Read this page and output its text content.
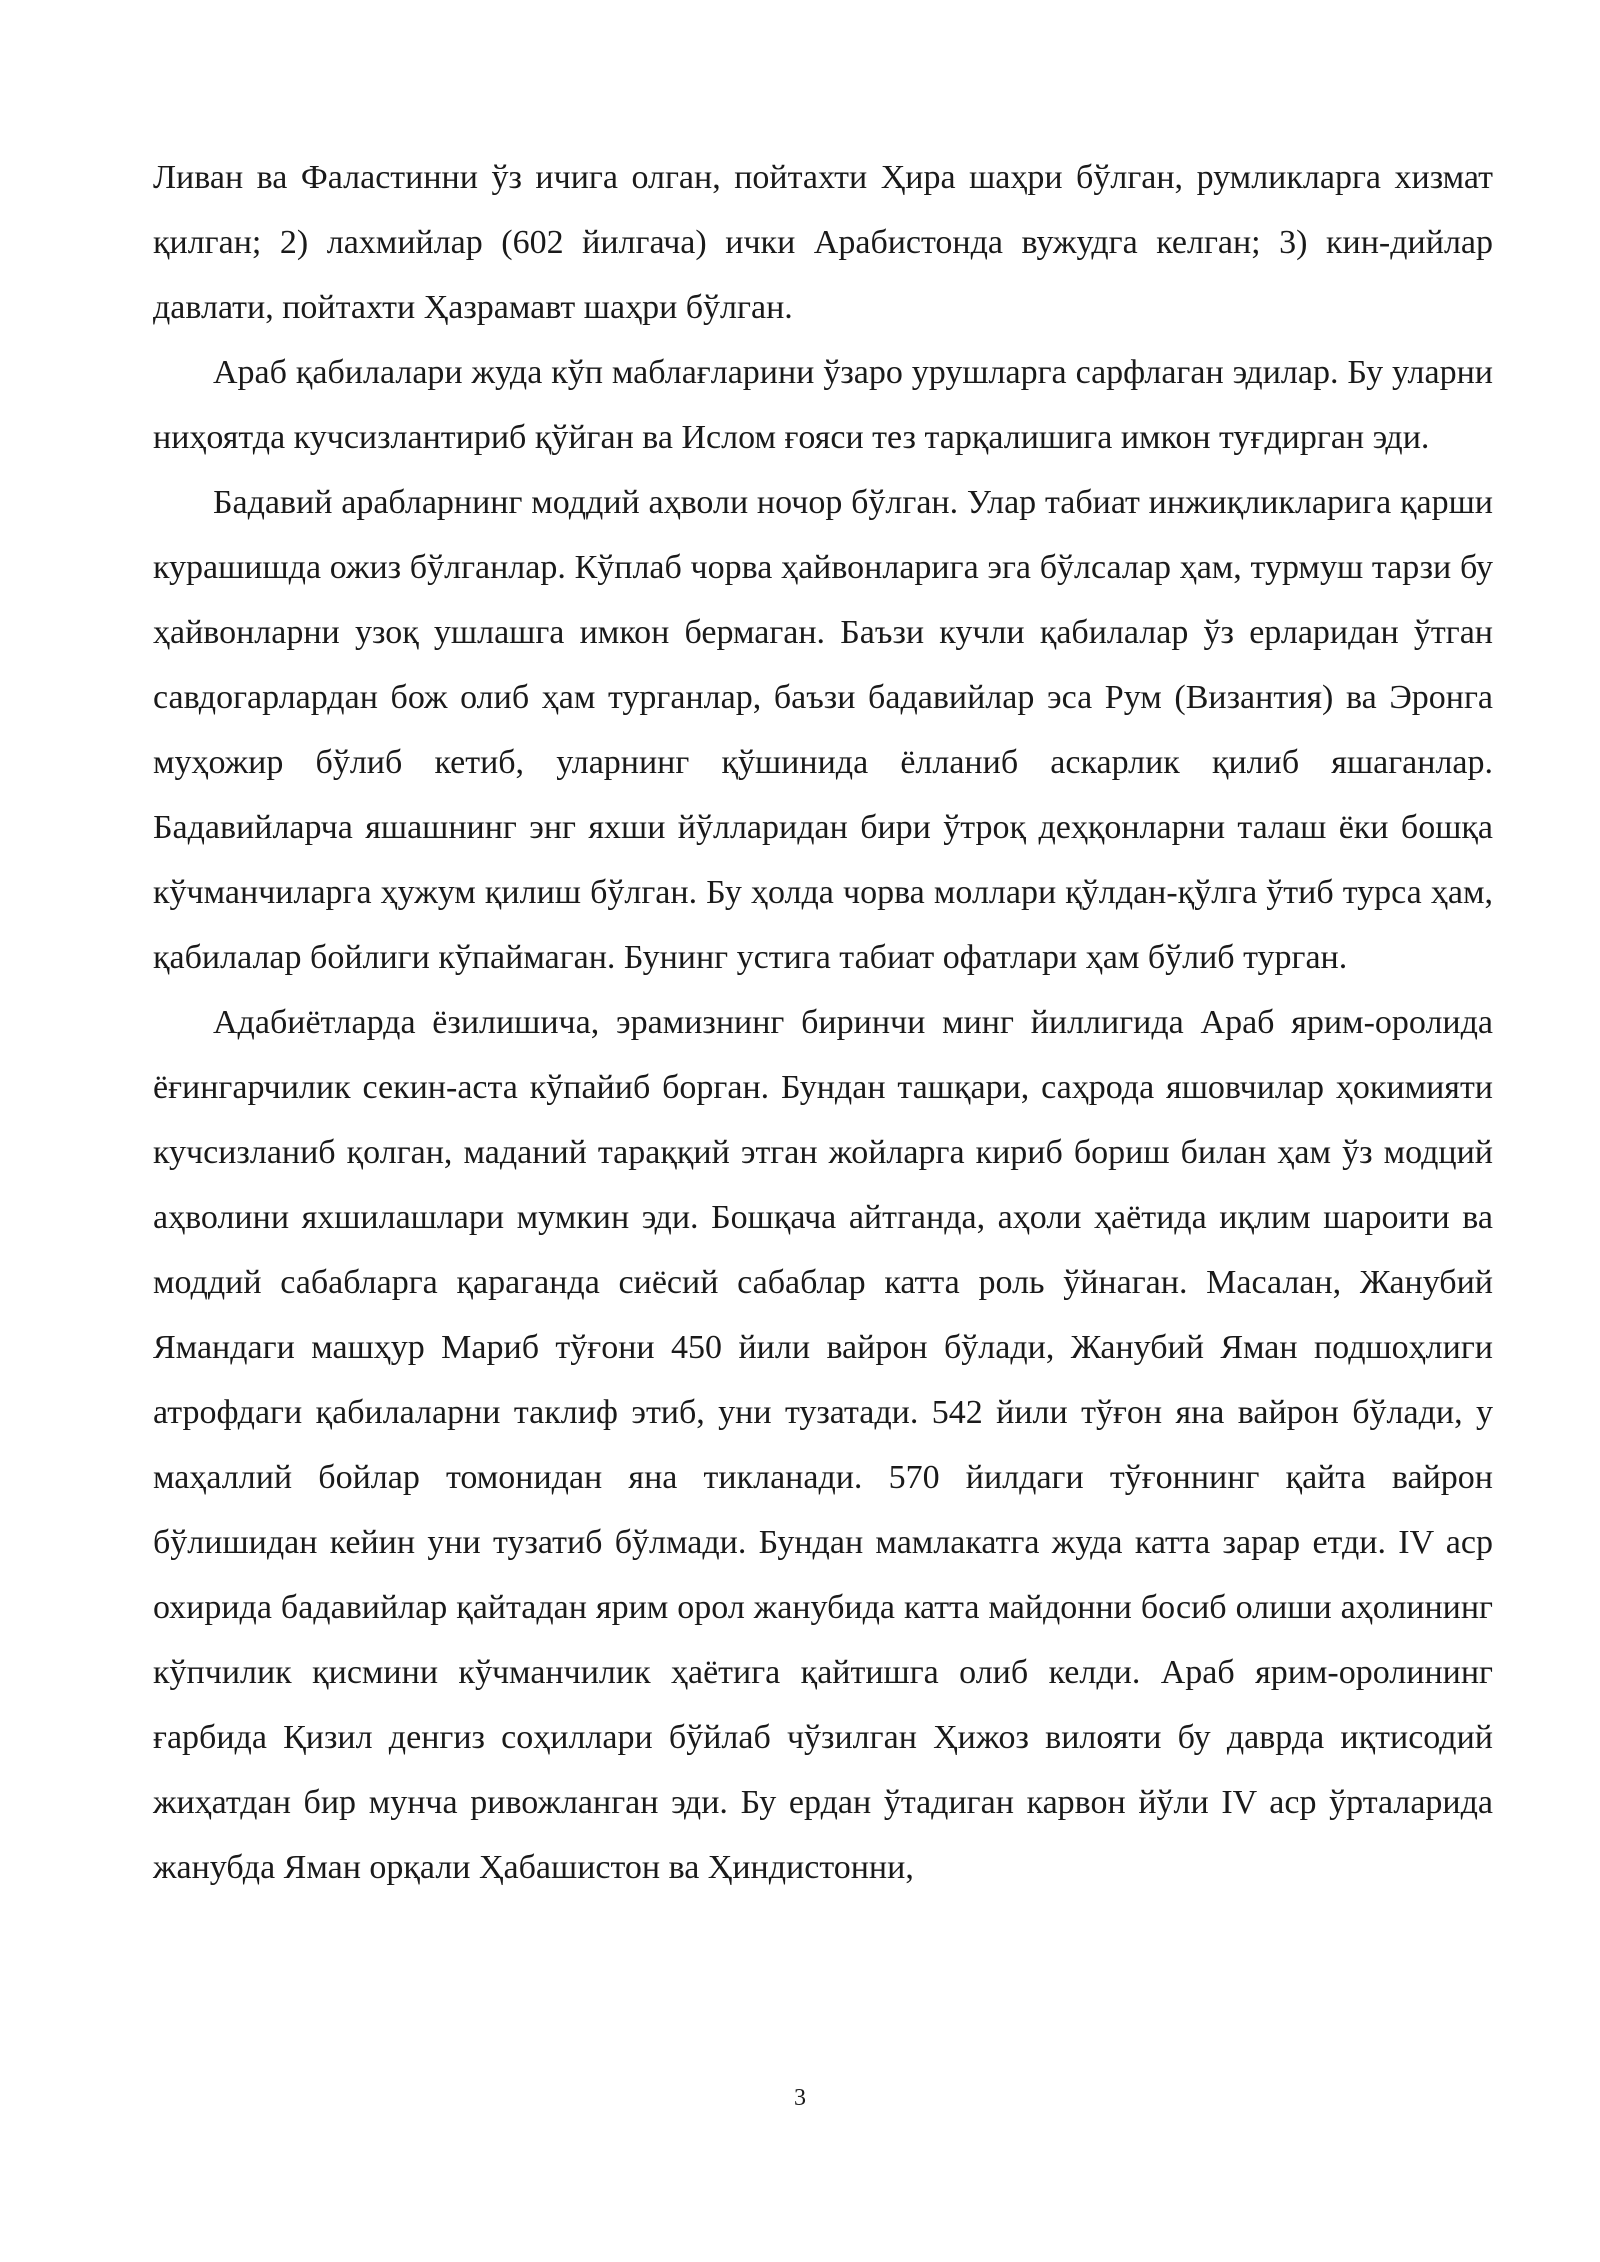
Ливан ва Фаластинни ўз ичига олган, пойтахти Ҳира шаҳри бўлган, румликларга хизмат қилган; 2) лахмийлар (602 йилгача) ички Арабистонда вужудга келган; 3) кин-дийлар давлати, пойтахти Ҳазрамавт шаҳри бўлган.

Араб қабилалари жуда кўп маблағларини ўзаро урушларга сарфлаган эдилар. Бу уларни ниҳоятда кучсизлантириб қўйган ва Ислом ғояси тез тарқалишига имкон туғдирган эди.

Бадавий арабларнинг моддий аҳволи ночор бўлган. Улар табиат инжиқликларига қарши курашишда ожиз бўлганлар. Кўплаб чорва ҳайвонларига эга бўлсалар ҳам, турмуш тарзи бу ҳайвонларни узоқ ушлашга имкон бермаган. Баъзи кучли қабилалар ўз ерларидан ўтган савдогарлардан бож олиб ҳам турганлар, баъзи бадавийлар эса Рум (Византия) ва Эронга муҳожир бўлиб кетиб, уларнинг қўшинида ёлланиб аскарлик қилиб яшаганлар. Бадавийларча яшашнинг энг яхши йўлларидан бири ўтроқ деҳқонларни талаш ёки бошқа кўчманчиларга ҳужум қилиш бўлган. Бу ҳолда чорва моллари қўлдан-қўлга ўтиб турса ҳам, қабилалар бойлиги кўпаймаган. Бунинг устига табиат офатлари ҳам бўлиб турган.

Адабиётларда ёзилишича, эрамизнинг биринчи минг йиллигида Араб ярим-оролида ёғингарчилик секин-аста кўпайиб борган. Бундан ташқари, саҳрода яшовчилар ҳокимияти кучсизланиб қолган, маданий тараққий этган жойларга кириб бориш билан ҳам ўз модций аҳволини яхшилашлари мумкин эди. Бошқача айтганда, аҳоли ҳаётида иқлим шароити ва моддий сабабларга қараганда сиёсий сабаблар катта роль ўйнаган. Масалан, Жанубий Ямандаги машҳур Мариб тўғони 450 йили вайрон бўлади, Жанубий Яман подшоҳлиги атрофдаги қабилаларни таклиф этиб, уни тузатади. 542 йили тўғон яна вайрон бўлади, у маҳаллий бойлар томонидан яна тикланади. 570 йилдаги тўғоннинг қайта вайрон бўлишидан кейин уни тузатиб бўлмади. Бундан мамлакатга жуда катта зарар етди. IV аср охирида бадавийлар қайтадан ярим орол жанубида катта майдонни босиб олиши аҳолининг кўпчилик қисмини кўчманчилик ҳаётига қайтишга олиб келди. Араб ярим-оролининг ғарбида Қизил денгиз соҳиллари бўйлаб чўзилган Ҳижоз вилояти бу даврда иқтисодий жиҳатдан бир мунча ривожланган эди. Бу ердан ўтадиган карвон йўли IV аср ўрталарида жанубда Яман орқали Ҳабашистон ва Ҳиндистонни,

3
